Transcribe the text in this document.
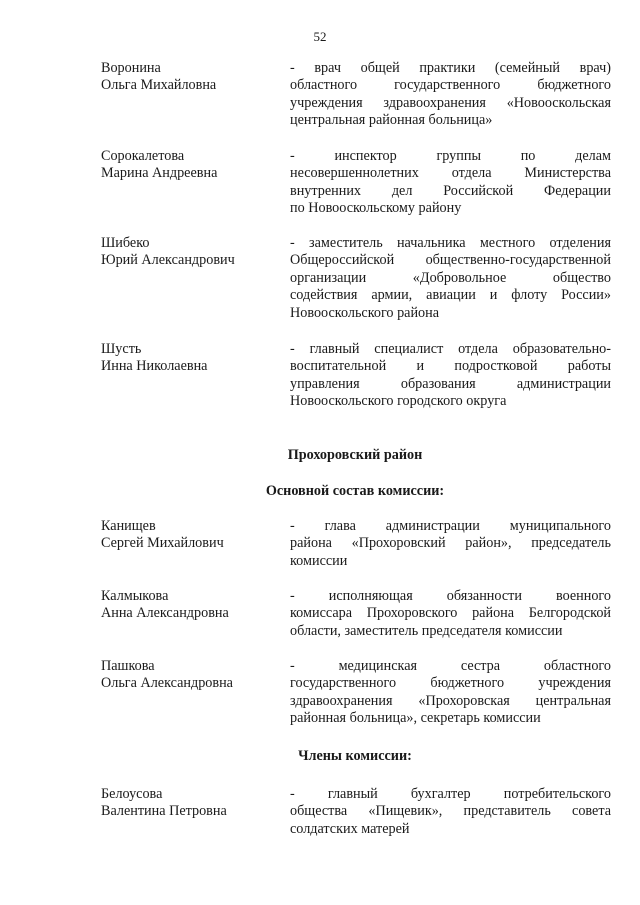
52
Воронина
Ольга Михайловна
- врач общей практики (семейный врач)
областного государственного бюджетного
учреждения здравоохранения «Новооскольская
центральная районная больница»
Сорокалетова
Марина Андреевна
- инспектор группы по делам
несовершеннолетних отдела Министерства
внутренних дел Российской Федерации
по Новооскольскому району
Шибеко
Юрий Александрович
- заместитель начальника местного отделения
Общероссийской общественно-государственной
организации «Добровольное общество
содействия армии, авиации и флоту России»
Новооскольского района
Шусть
Инна Николаевна
- главный специалист отдела образовательно-
воспитательной и подростковой работы
управления образования администрации
Новооскольского городского округа
Прохоровский район
Основной состав комиссии:
Канищев
Сергей Михайлович
- глава администрации муниципального
района «Прохоровский район», председатель
комиссии
Калмыкова
Анна Александровна
- исполняющая обязанности военного
комиссара Прохоровского района Белгородской
области, заместитель председателя комиссии
Пашкова
Ольга Александровна
- медицинская сестра областного
государственного бюджетного учреждения
здравоохранения «Прохоровская центральная
районная больница», секретарь комиссии
Члены комиссии:
Белоусова
Валентина Петровна
- главный бухгалтер потребительского
общества «Пищевик», представитель совета
солдатских матерей
